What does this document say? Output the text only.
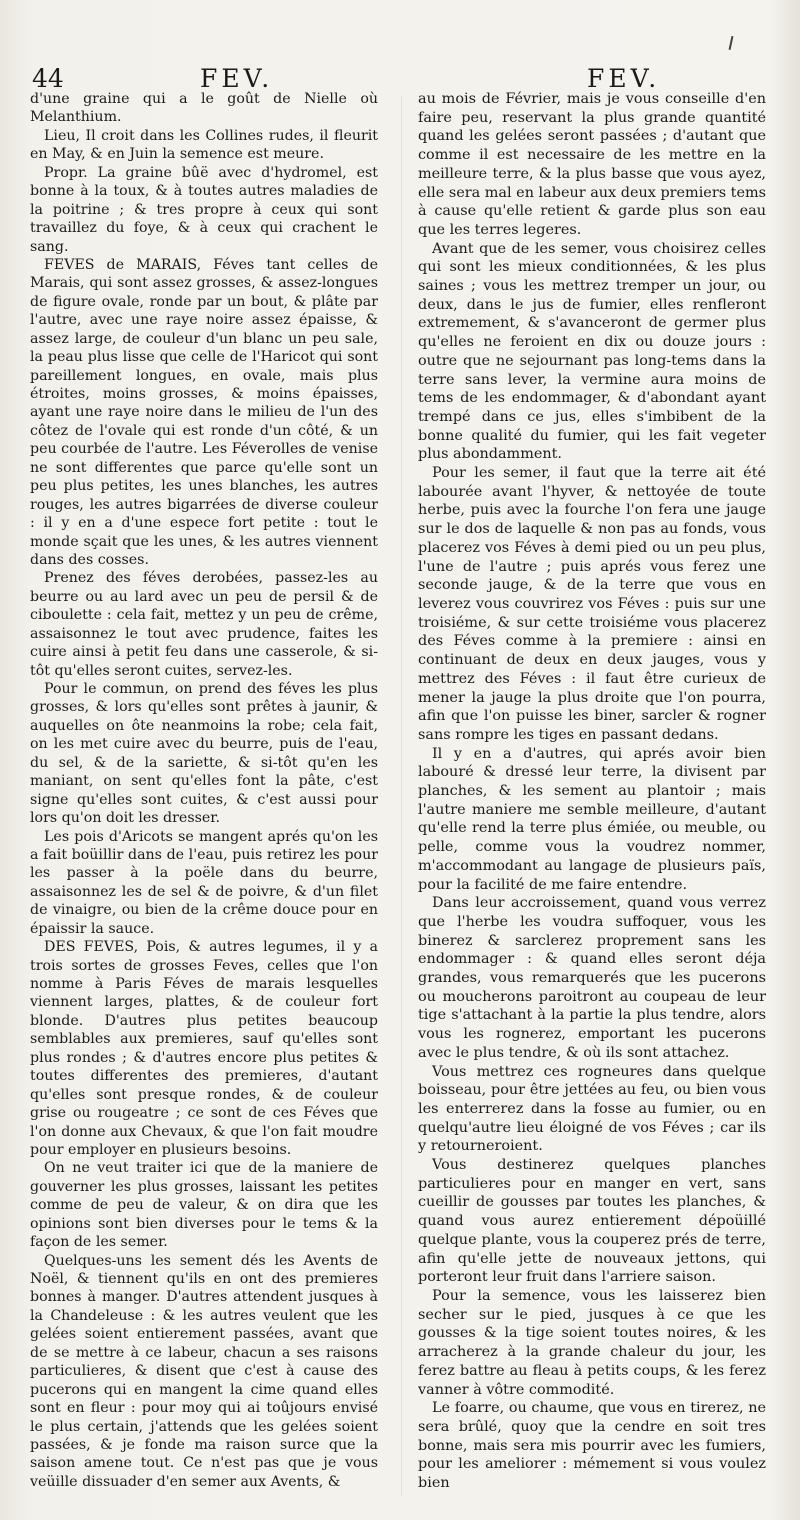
44	FEV.	FEV.

d'une graine qui a le goût de Nielle où Melanthium.

Lieu, Il croit dans les Collines rudes, il fleurit en May, & en Juin la semence est meure.

Propr. La graine bûë avec d'hydromel, est bonne à la toux, & à toutes autres maladies de la poitrine ; & tres propre à ceux qui sont travaillez du foye, & à ceux qui crachent le sang.

FEVES de MARAIS, Féves tant celles de Marais, qui sont assez grosses, & assez-longues de figure ovale, ronde par un bout, & plâte par l'autre, avec une raye noire assez épaisse, & assez large, de couleur d'un blanc un peu sale, la peau plus lisse que celle de l'Haricot qui sont pareillement longues, en ovale, mais plus étroites, moins grosses, & moins épaisses, ayant une raye noire dans le milieu de l'un des côtez de l'ovale qui est ronde d'un côté, & un peu courbée de l'autre. Les Féverolles de venise ne sont differentes que parce qu'elle sont un peu plus petites, les unes blanches, les autres rouges, les autres bigarrées de diverse couleur : il y en a d'une espece fort petite : tout le monde sçait que les unes, & les autres viennent dans des cosses.

Prenez des féves derobées, passez-les au beurre ou au lard avec un peu de persil & de ciboulette : cela fait, mettez y un peu de crême, assaisonnez le tout avec prudence, faites les cuire ainsi à petit feu dans une casserole, & si-tôt qu'elles seront cuites, servez-les.

Pour le commun, on prend des féves les plus grosses, & lors qu'elles sont prêtes à jaunir, & auquelles on ôte neanmoins la robe; cela fait, on les met cuire avec du beurre, puis de l'eau, du sel, & de la sariette, & si-tôt qu'en les maniant, on sent qu'elles font la pâte, c'est signe qu'elles sont cuites, & c'est aussi pour lors qu'on doit les dresser.

Les pois d'Aricots se mangent aprés qu'on les a fait boüillir dans de l'eau, puis retirez les pour les passer à la poële dans du beurre, assaisonnez les de sel & de poivre, & d'un filet de vinaigre, ou bien de la crême douce pour en épaissir la sauce.

DES FEVES, Pois, & autres legumes, il y a trois sortes de grosses Feves, celles que l'on nomme à Paris Féves de marais lesquelles viennent larges, plattes, & de couleur fort blonde. D'autres plus petites beaucoup semblables aux premieres, sauf qu'elles sont plus rondes ; & d'autres encore plus petites & toutes differentes des premieres, d'autant qu'elles sont presque rondes, & de couleur grise ou rougeatre ; ce sont de ces Féves que l'on donne aux Chevaux, & que l'on fait moudre pour employer en plusieurs besoins.

On ne veut traiter ici que de la maniere de gouverner les plus grosses, laissant les petites comme de peu de valeur, & on dira que les opinions sont bien diverses pour le tems & la façon de les semer.

Quelques-uns les sement dés les Avents de Noël, & tiennent qu'ils en ont des premieres bonnes à manger. D'autres attendent jusques à la Chandeleuse : & les autres veulent que les gelées soient entierement passées, avant que de se mettre à ce labeur, chacun a ses raisons particulieres, & disent que c'est à cause des pucerons qui en mangent la cime quand elles sont en fleur : pour moy qui ai toûjours envisé le plus certain, j'attends que les gelées soient passées, & je fonde ma raison surce que la saison amene tout. Ce n'est pas que je vous veüille dissuader d'en semer aux Avents, &

au mois de Février, mais je vous conseille d'en faire peu, reservant la plus grande quantité quand les gelées seront passées ; d'autant que comme il est necessaire de les mettre en la meilleure terre, & la plus basse que vous ayez, elle sera mal en labeur aux deux premiers tems à cause qu'elle retient & garde plus son eau que les terres legeres.

Avant que de les semer, vous choisirez celles qui sont les mieux conditionnées, & les plus saines ; vous les mettrez tremper un jour, ou deux, dans le jus de fumier, elles renfleront extremement, & s'avanceront de germer plus qu'elles ne feroient en dix ou douze jours : outre que ne sejournant pas long-tems dans la terre sans lever, la vermine aura moins de tems de les endommager, & d'abondant ayant trempé dans ce jus, elles s'imbibent de la bonne qualité du fumier, qui les fait vegeter plus abondamment.

Pour les semer, il faut que la terre ait été labourée avant l'hyver, & nettoyée de toute herbe, puis avec la fourche l'on fera une jauge sur le dos de laquelle & non pas au fonds, vous placerez vos Féves à demi pied ou un peu plus, l'une de l'autre ; puis aprés vous ferez une seconde jauge, & de la terre que vous en leverez vous couvrirez vos Féves : puis sur une troisiéme, & sur cette troisiéme vous placerez des Féves comme à la premiere : ainsi en continuant de deux en deux jauges, vous y mettrez des Féves : il faut être curieux de mener la jauge la plus droite que l'on pourra, afin que l'on puisse les biner, sarcler & rogner sans rompre les tiges en passant dedans.

Il y en a d'autres, qui aprés avoir bien labouré & dressé leur terre, la divisent par planches, & les sement au plantoir ; mais l'autre maniere me semble meilleure, d'autant qu'elle rend la terre plus émiée, ou meuble, ou pelle, comme vous la voudrez nommer, m'accommodant au langage de plusieurs païs, pour la facilité de me faire entendre.

Dans leur accroissement, quand vous verrez que l'herbe les voudra suffoquer, vous les binerez & sarclerez proprement sans les endommager : & quand elles seront déja grandes, vous remarquerés que les pucerons ou moucherons paroitront au coupeau de leur tige s'attachant à la partie la plus tendre, alors vous les rognerez, emportant les pucerons avec le plus tendre, & où ils sont attachez.

Vous mettrez ces rogneures dans quelque boisseau, pour être jettées au feu, ou bien vous les enterrerez dans la fosse au fumier, ou en quelqu'autre lieu éloigné de vos Féves ; car ils y retourneroient.

Vous destinerez quelques planches particulieres pour en manger en vert, sans cueillir de gousses par toutes les planches, & quand vous aurez entierement dépoüillé quelque plante, vous la couperez prés de terre, afin qu'elle jette de nouveaux jettons, qui porteront leur fruit dans l'arriere saison.

Pour la semence, vous les laisserez bien secher sur le pied, jusques à ce que les gousses & la tige soient toutes noires, & les arracherez à la grande chaleur du jour, les ferez battre au fleau à petits coups, & les ferez vanner à vôtre commodité.

Le foarre, ou chaume, que vous en tirerez, ne sera brûlé, quoy que la cendre en soit tres bonne, mais sera mis pourrir avec les fumiers, pour les ameliorer : mémement si vous voulez bien
